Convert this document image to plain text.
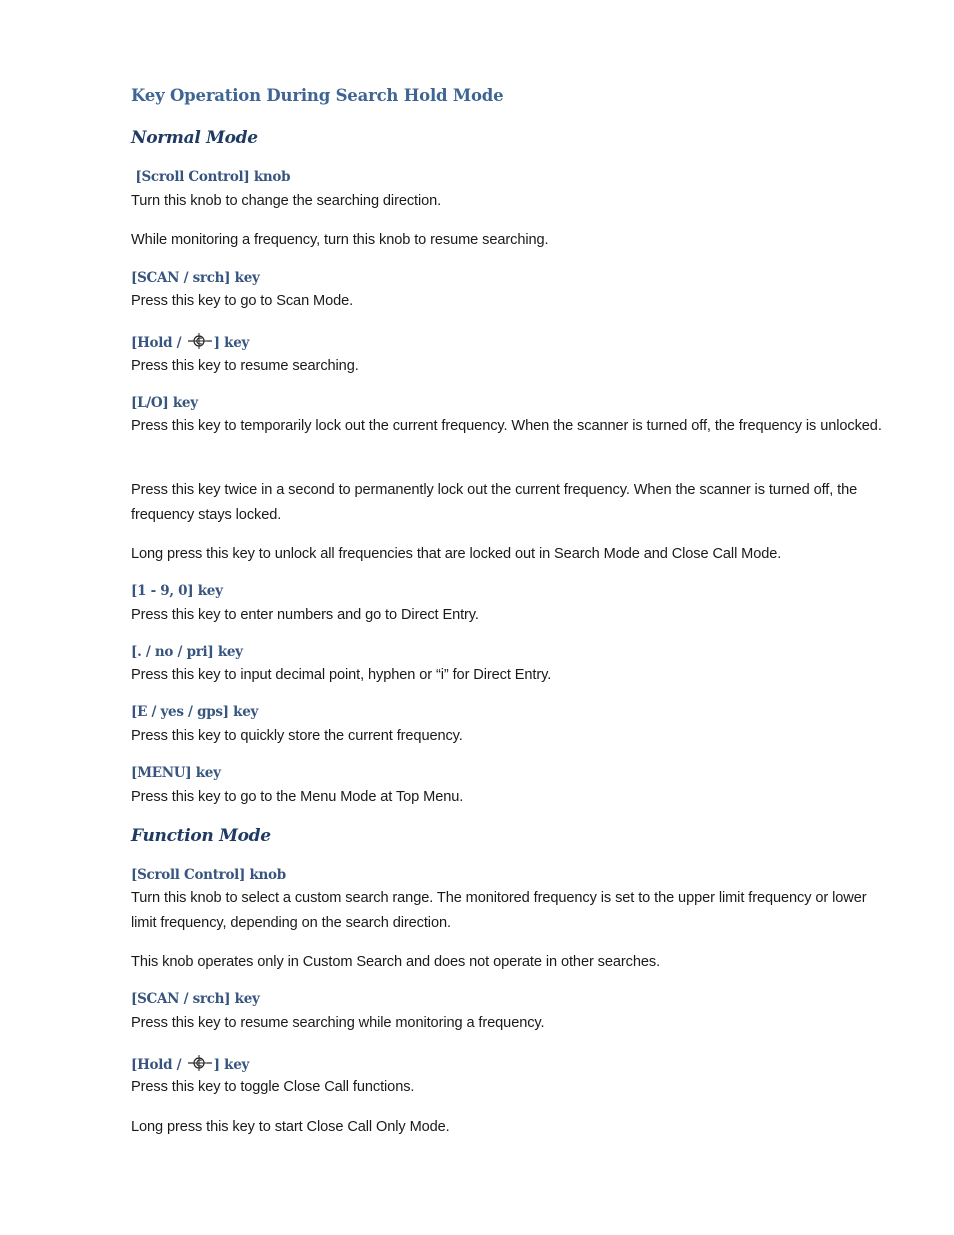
Key Operation During Search Hold Mode
Normal Mode
[Scroll Control] knob
Turn this knob to change the searching direction.
While monitoring a frequency, turn this knob to resume searching.
[SCAN / srch] key
Press this key to go to Scan Mode.
[Hold / ] key
Press this key to resume searching.
[L/O] key
Press this key to temporarily lock out the current frequency. When the scanner is turned off, the frequency is unlocked.
Press this key twice in a second to permanently lock out the current frequency. When the scanner is turned off, the frequency stays locked.
Long press this key to unlock all frequencies that are locked out in Search Mode and Close Call Mode.
[1 - 9, 0] key
Press this key to enter numbers and go to Direct Entry.
[. / no / pri] key
Press this key to input decimal point, hyphen or “i” for Direct Entry.
[E / yes / gps] key
Press this key to quickly store the current frequency.
[MENU] key
Press this key to go to the Menu Mode at Top Menu.
Function Mode
[Scroll Control] knob
Turn this knob to select a custom search range. The monitored frequency is set to the upper limit frequency or lower limit frequency, depending on the search direction.
This knob operates only in Custom Search and does not operate in other searches.
[SCAN / srch] key
Press this key to resume searching while monitoring a frequency.
[Hold / ] key
Press this key to toggle Close Call functions.
Long press this key to start Close Call Only Mode.
